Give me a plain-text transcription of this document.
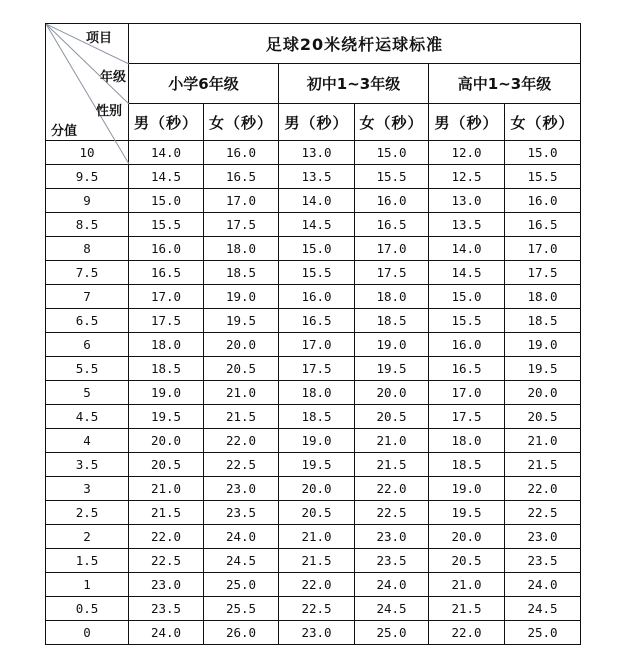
项目
年级
性别
分值	足球20米绕杆运球标准					
	小学6年级		初中1~3年级		高中1~3年级	
	男（秒）	女（秒）	男（秒）	女（秒）	男（秒）	女（秒）
10	14.0	16.0	13.0	15.0	12.0	15.0
9.5	14.5	16.5	13.5	15.5	12.5	15.5
9	15.0	17.0	14.0	16.0	13.0	16.0
8.5	15.5	17.5	14.5	16.5	13.5	16.5
8	16.0	18.0	15.0	17.0	14.0	17.0
7.5	16.5	18.5	15.5	17.5	14.5	17.5
7	17.0	19.0	16.0	18.0	15.0	18.0
6.5	17.5	19.5	16.5	18.5	15.5	18.5
6	18.0	20.0	17.0	19.0	16.0	19.0
5.5	18.5	20.5	17.5	19.5	16.5	19.5
5	19.0	21.0	18.0	20.0	17.0	20.0
4.5	19.5	21.5	18.5	20.5	17.5	20.5
4	20.0	22.0	19.0	21.0	18.0	21.0
3.5	20.5	22.5	19.5	21.5	18.5	21.5
3	21.0	23.0	20.0	22.0	19.0	22.0
2.5	21.5	23.5	20.5	22.5	19.5	22.5
2	22.0	24.0	21.0	23.0	20.0	23.0
1.5	22.5	24.5	21.5	23.5	20.5	23.5
1	23.0	25.0	22.0	24.0	21.0	24.0
0.5	23.5	25.5	22.5	24.5	21.5	24.5
0	24.0	26.0	23.0	25.0	22.0	25.0
